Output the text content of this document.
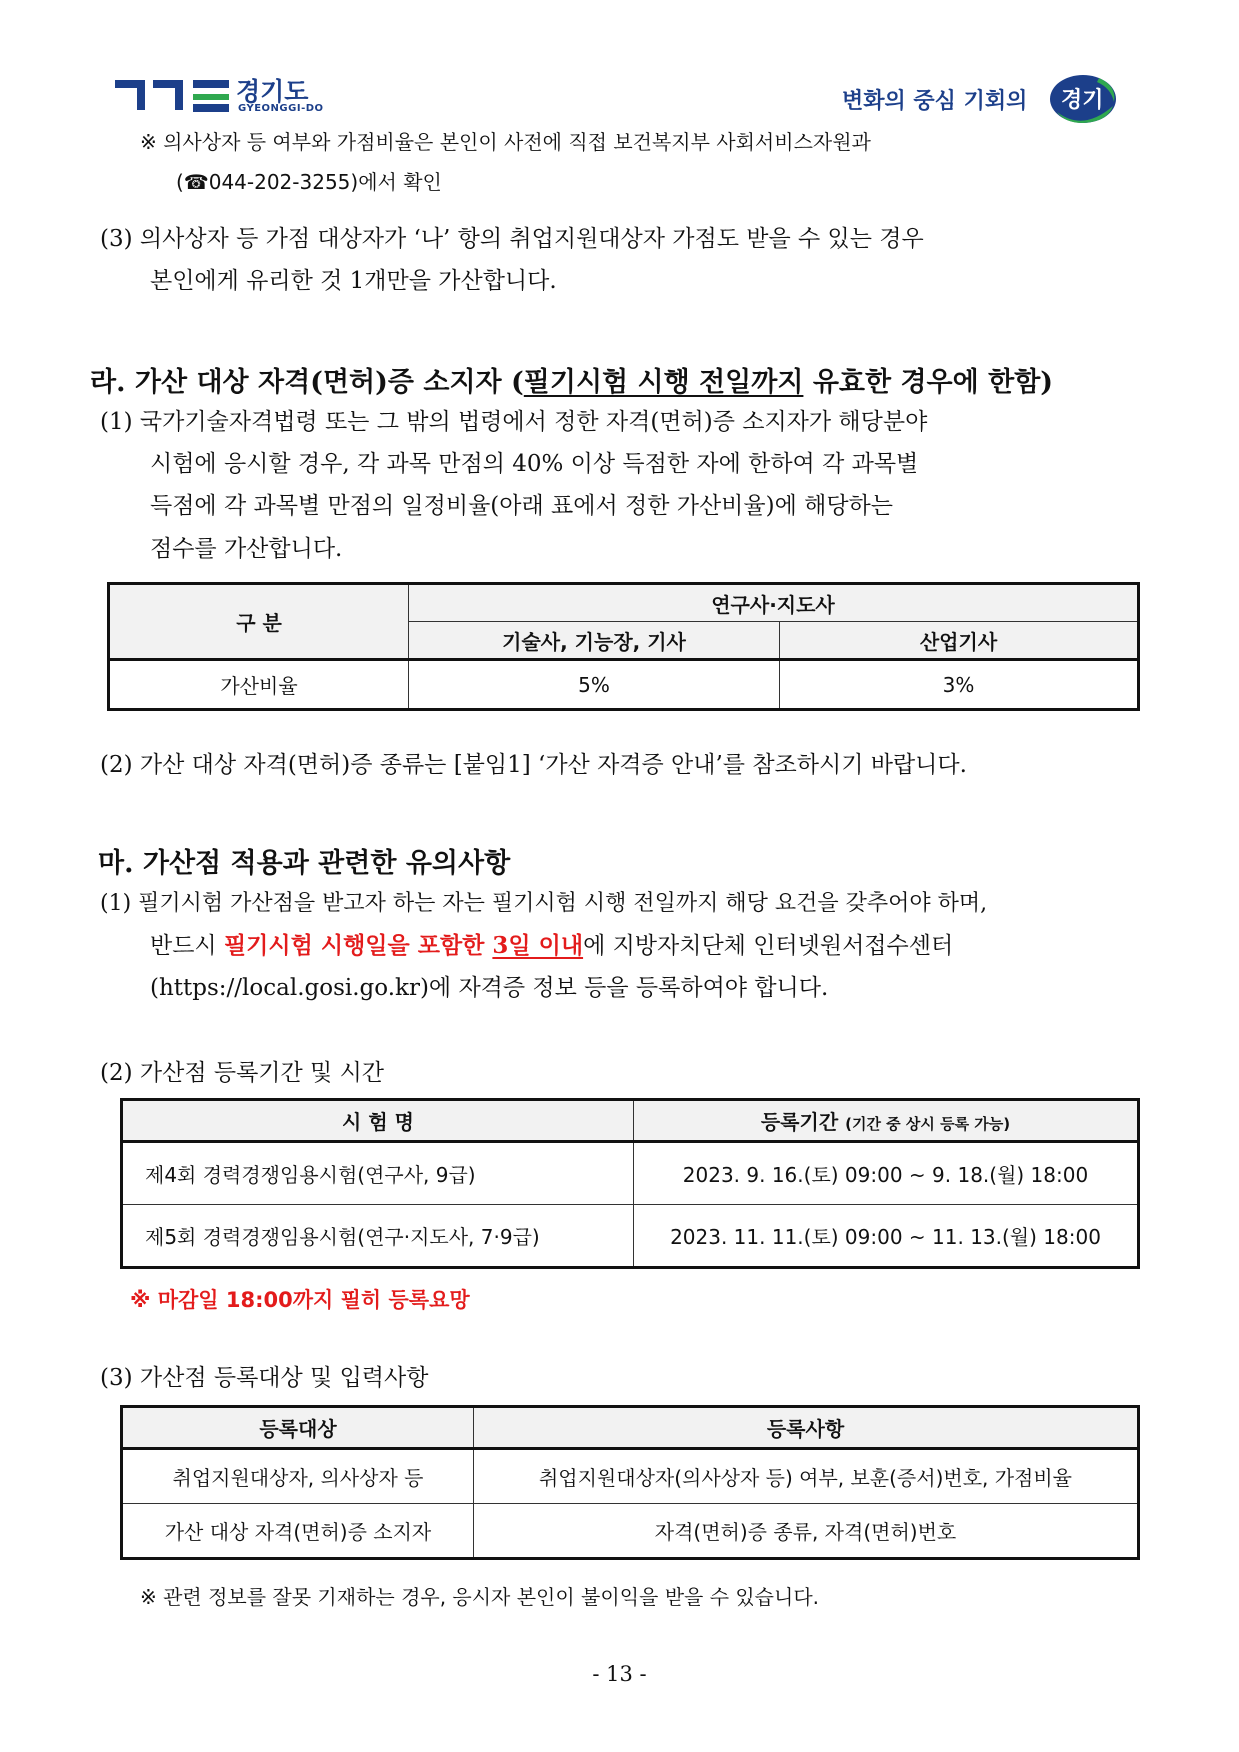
경기도
GYEONGGI-DO	변화의 중심 기회의 경기
※ 의사상자 등 여부와 가점비율은 본인이 사전에 직접 보건복지부 사회서비스자원과
(☎044-202-3255)에서 확인
(3) 의사상자 등 가점 대상자가 ‘나’ 항의 취업지원대상자 가점도 받을 수 있는 경우
본인에게 유리한 것 1개만을 가산합니다.
라. 가산 대상 자격(면허)증 소지자 (필기시험 시행 전일까지 유효한 경우에 한함)
(1) 국가기술자격법령 또는 그 밖의 법령에서 정한 자격(면허)증 소지자가 해당분야
시험에 응시할 경우, 각 과목 만점의 40% 이상 득점한 자에 한하여 각 과목별
득점에 각 과목별 만점의 일정비율(아래 표에서 정한 가산비율)에 해당하는
점수를 가산합니다.
구 분	연구사·지도사	
	기술사, 기능장, 기사	산업기사
가산비율	5%	3%
(2) 가산 대상 자격(면허)증 종류는 [붙임1] ‘가산 자격증 안내’를 참조하시기 바랍니다.
마. 가산점 적용과 관련한 유의사항
(1) 필기시험 가산점을 받고자 하는 자는 필기시험 시행 전일까지 해당 요건을 갖추어야 하며,
반드시 필기시험 시행일을 포함한 3일 이내에 지방자치단체 인터넷원서접수센터
(https://local.gosi.go.kr)에 자격증 정보 등을 등록하여야 합니다.
(2) 가산점 등록기간 및 시간
시 험 명	등록기간 (기간 중 상시 등록 가능)
제4회 경력경쟁임용시험(연구사, 9급)	2023. 9. 16.(토) 09:00 ~ 9. 18.(월) 18:00
제5회 경력경쟁임용시험(연구·지도사, 7·9급)	2023. 11. 11.(토) 09:00 ~ 11. 13.(월) 18:00
※ 마감일 18:00까지 필히 등록요망
(3) 가산점 등록대상 및 입력사항
등록대상	등록사항
취업지원대상자, 의사상자 등	취업지원대상자(의사상자 등) 여부, 보훈(증서)번호, 가점비율
가산 대상 자격(면허)증 소지자	자격(면허)증 종류, 자격(면허)번호
※ 관련 정보를 잘못 기재하는 경우, 응시자 본인이 불이익을 받을 수 있습니다.
- 13 -
